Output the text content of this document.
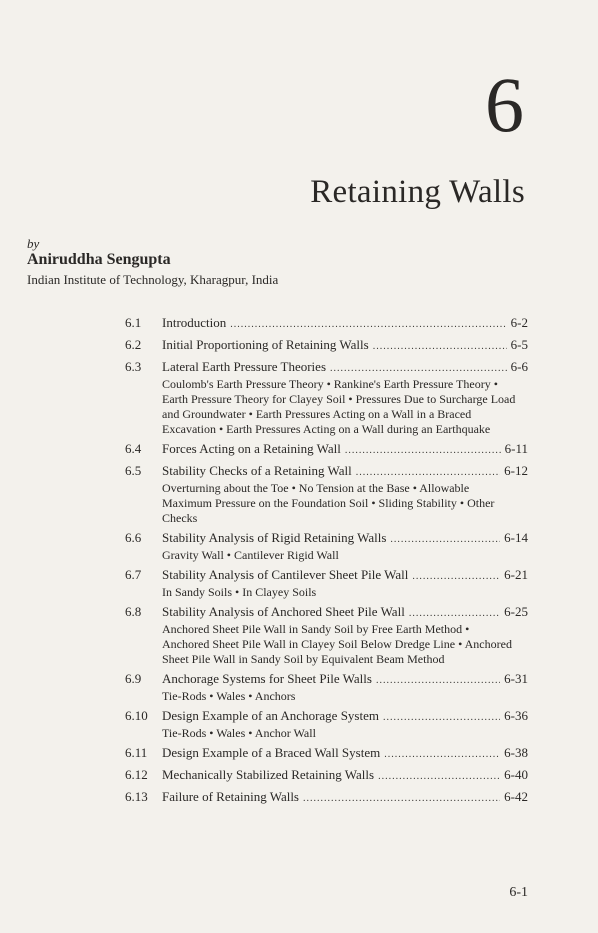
6
Retaining Walls
by
Aniruddha Sengupta
Indian Institute of Technology, Kharagpur, India
6.1	Introduction .....	6-2
6.2	Initial Proportioning of Retaining Walls .....	6-5
6.3	Lateral Earth Pressure Theories .....	6-6
Coulomb's Earth Pressure Theory • Rankine's Earth Pressure Theory • Earth Pressure Theory for Clayey Soil • Pressures Due to Surcharge Load and Groundwater • Earth Pressures Acting on a Wall in a Braced Excavation • Earth Pressures Acting on a Wall during an Earthquake
6.4	Forces Acting on a Retaining Wall .....	6-11
6.5	Stability Checks of a Retaining Wall .....	6-12
Overturning about the Toe • No Tension at the Base • Allowable Maximum Pressure on the Foundation Soil • Sliding Stability • Other Checks
6.6	Stability Analysis of Rigid Retaining Walls .....	6-14
Gravity Wall • Cantilever Rigid Wall
6.7	Stability Analysis of Cantilever Sheet Pile Wall .....	6-21
In Sandy Soils • In Clayey Soils
6.8	Stability Analysis of Anchored Sheet Pile Wall .....	6-25
Anchored Sheet Pile Wall in Sandy Soil by Free Earth Method • Anchored Sheet Pile Wall in Clayey Soil Below Dredge Line • Anchored Sheet Pile Wall in Sandy Soil by Equivalent Beam Method
6.9	Anchorage Systems for Sheet Pile Walls .....	6-31
Tie-Rods • Wales • Anchors
6.10	Design Example of an Anchorage System .....	6-36
Tie-Rods • Wales • Anchor Wall
6.11	Design Example of a Braced Wall System .....	6-38
6.12	Mechanically Stabilized Retaining Walls .....	6-40
6.13	Failure of Retaining Walls .....	6-42
6-1
